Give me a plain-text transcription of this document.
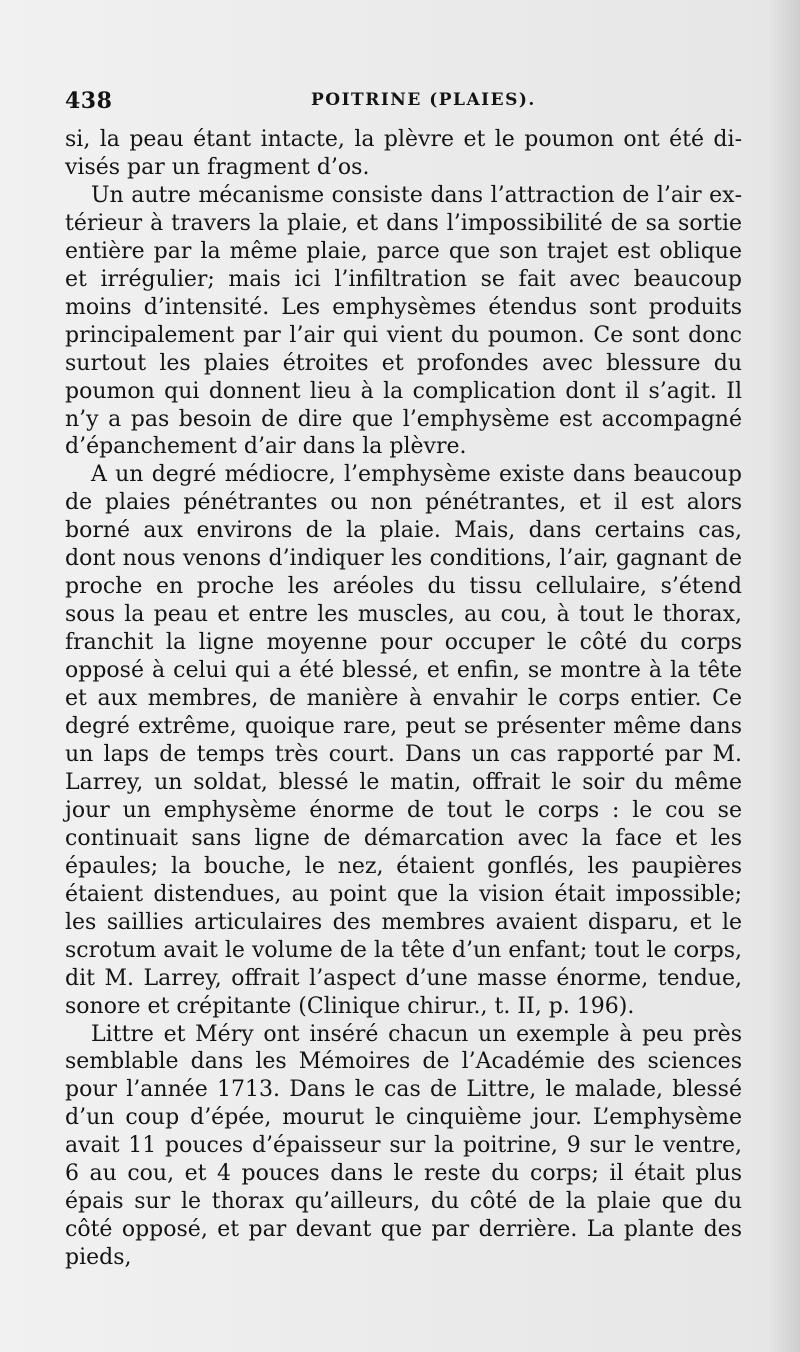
438	POITRINE (PLAIES).

si, la peau étant intacte, la plèvre et le poumon ont été divisés par un fragment d’os.

Un autre mécanisme consiste dans l’attraction de l’air extérieur à travers la plaie, et dans l’impossibilité de sa sortie entière par la même plaie, parce que son trajet est oblique et irrégulier; mais ici l’infiltration se fait avec beaucoup moins d’intensité. Les emphysèmes étendus sont produits principalement par l’air qui vient du poumon. Ce sont donc surtout les plaies étroites et profondes avec blessure du poumon qui donnent lieu à la complication dont il s’agit. Il n’y a pas besoin de dire que l’emphysème est accompagné d’épanchement d’air dans la plèvre.

A un degré médiocre, l’emphysème existe dans beaucoup de plaies pénétrantes ou non pénétrantes, et il est alors borné aux environs de la plaie. Mais, dans certains cas, dont nous venons d’indiquer les conditions, l’air, gagnant de proche en proche les aréoles du tissu cellulaire, s’étend sous la peau et entre les muscles, au cou, à tout le thorax, franchit la ligne moyenne pour occuper le côté du corps opposé à celui qui a été blessé, et enfin, se montre à la tête et aux membres, de manière à envahir le corps entier. Ce degré extrême, quoique rare, peut se présenter même dans un laps de temps très court. Dans un cas rapporté par M. Larrey, un soldat, blessé le matin, offrait le soir du même jour un emphysème énorme de tout le corps : le cou se continuait sans ligne de démarcation avec la face et les épaules; la bouche, le nez, étaient gonflés, les paupières étaient distendues, au point que la vision était impossible; les saillies articulaires des membres avaient disparu, et le scrotum avait le volume de la tête d’un enfant; tout le corps, dit M. Larrey, offrait l’aspect d’une masse énorme, tendue, sonore et crépitante (Clinique chirur., t. II, p. 196).

Littre et Méry ont inséré chacun un exemple à peu près semblable dans les Mémoires de l’Académie des sciences pour l’année 1713. Dans le cas de Littre, le malade, blessé d’un coup d’épée, mourut le cinquième jour. L’emphysème avait 11 pouces d’épaisseur sur la poitrine, 9 sur le ventre, 6 au cou, et 4 pouces dans le reste du corps; il était plus épais sur le thorax qu’ailleurs, du côté de la plaie que du côté opposé, et par devant que par derrière. La plante des pieds,
